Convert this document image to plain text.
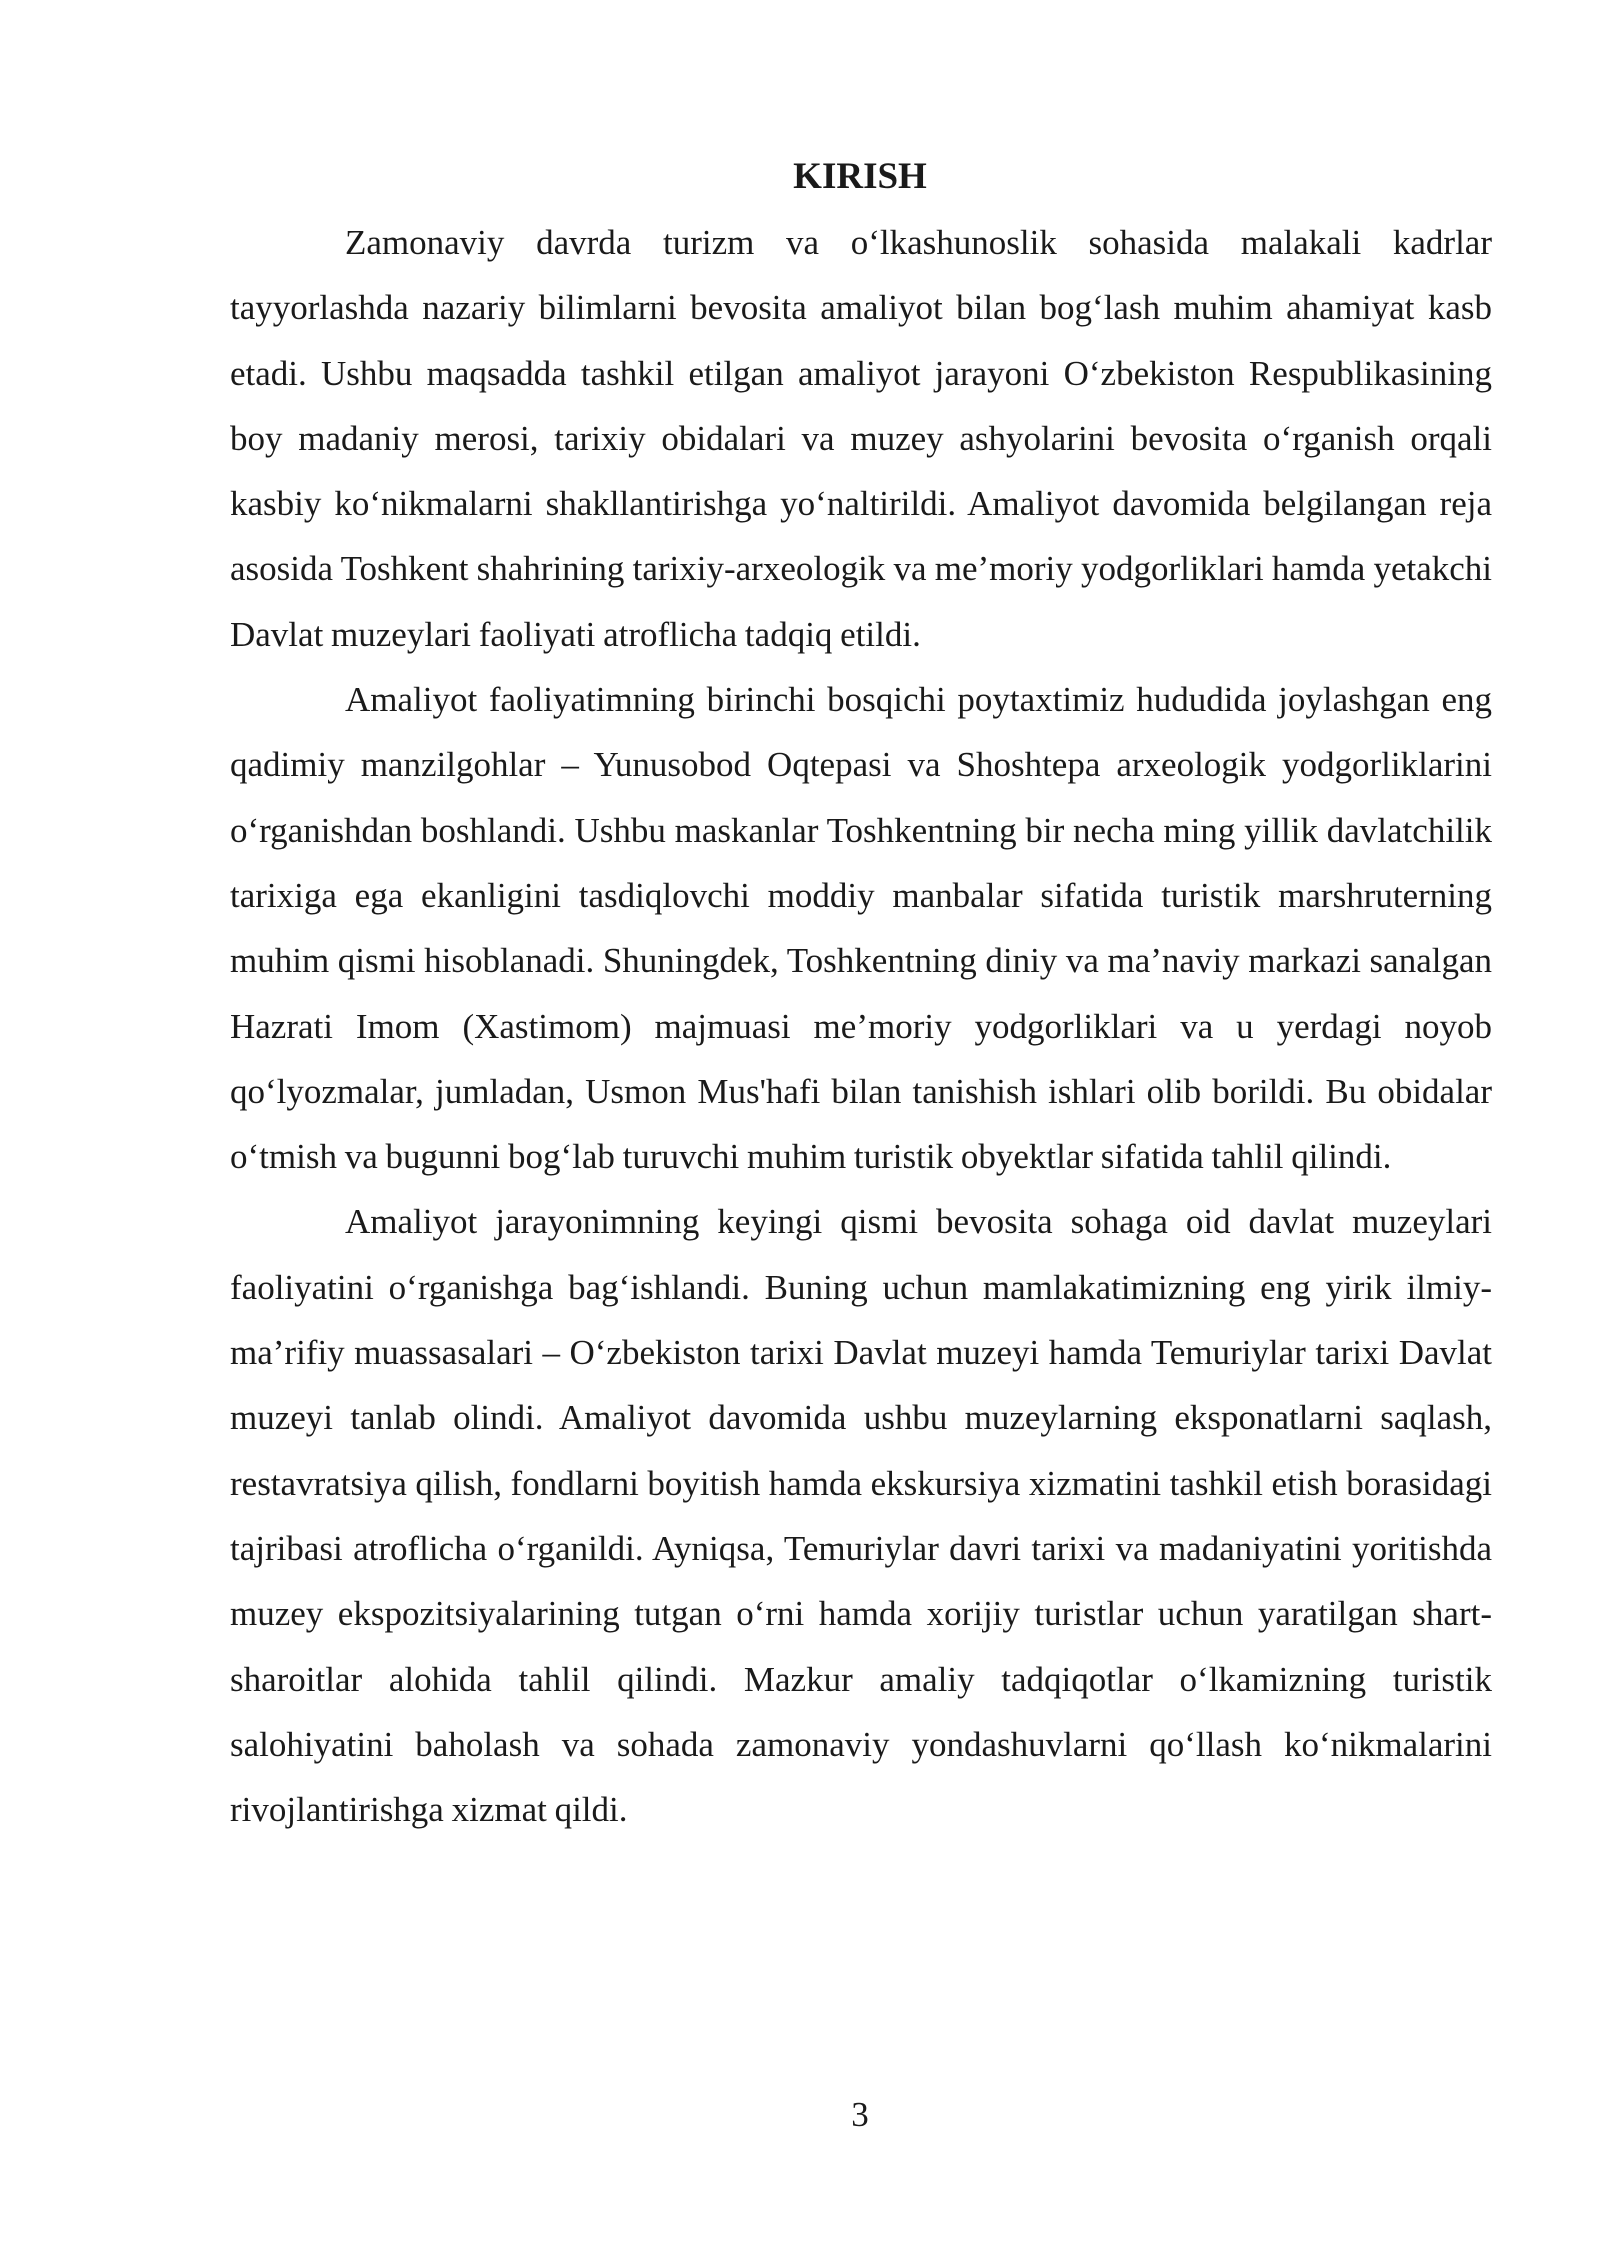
KIRISH

Zamonaviy davrda turizm va o‘lkashunoslik sohasida malakali kadrlar tayyorlashda nazariy bilimlarni bevosita amaliyot bilan bog‘lash muhim ahamiyat kasb etadi. Ushbu maqsadda tashkil etilgan amaliyot jarayoni O‘zbekiston Respublikasining boy madaniy merosi, tarixiy obidalari va muzey ashyolarini bevosita o‘rganish orqali kasbiy ko‘nikmalarni shakllantirishga yo‘naltirildi. Amaliyot davomida belgilangan reja asosida Toshkent shahrining tarixiy-arxeologik va me’moriy yodgorliklari hamda yetakchi Davlat muzeylari faoliyati atroflicha tadqiq etildi.

Amaliyot faoliyatimning birinchi bosqichi poytaxtimiz hududida joylashgan eng qadimiy manzilgohlar – Yunusobod Oqtepasi va Shoshtepa arxeologik yodgorliklarini o‘rganishdan boshlandi. Ushbu maskanlar Toshkentning bir necha ming yillik davlatchilik tarixiga ega ekanligini tasdiqlovchi moddiy manbalar sifatida turistik marshruterning muhim qismi hisoblanadi. Shuningdek, Toshkentning diniy va ma’naviy markazi sanalgan Hazrati Imom (Xastimom) majmuasi me’moriy yodgorliklari va u yerdagi noyob qo‘lyozmalar, jumladan, Usmon Mus'hafi bilan tanishish ishlari olib borildi. Bu obidalar o‘tmish va bugunni bog‘lab turuvchi muhim turistik obyektlar sifatida tahlil qilindi.

Amaliyot jarayonimning keyingi qismi bevosita sohaga oid davlat muzeylari faoliyatini o‘rganishga bag‘ishlandi. Buning uchun mamlakatimizning eng yirik ilmiy-ma’rifiy muassasalari – O‘zbekiston tarixi Davlat muzeyi hamda Temuriylar tarixi Davlat muzeyi tanlab olindi. Amaliyot davomida ushbu muzeylarning eksponatlarni saqlash, restavratsiya qilish, fondlarni boyitish hamda ekskursiya xizmatini tashkil etish borasidagi tajribasi atroflicha o‘rganildi. Ayniqsa, Temuriylar davri tarixi va madaniyatini yoritishda muzey ekspozitsiyalarining tutgan o‘rni hamda xorijiy turistlar uchun yaratilgan shart-sharoitlar alohida tahlil qilindi. Mazkur amaliy tadqiqotlar o‘lkamizning turistik salohiyatini baholash va sohada zamonaviy yondashuvlarni qo‘llash ko‘nikmalarini rivojlantirishga xizmat qildi.

3
